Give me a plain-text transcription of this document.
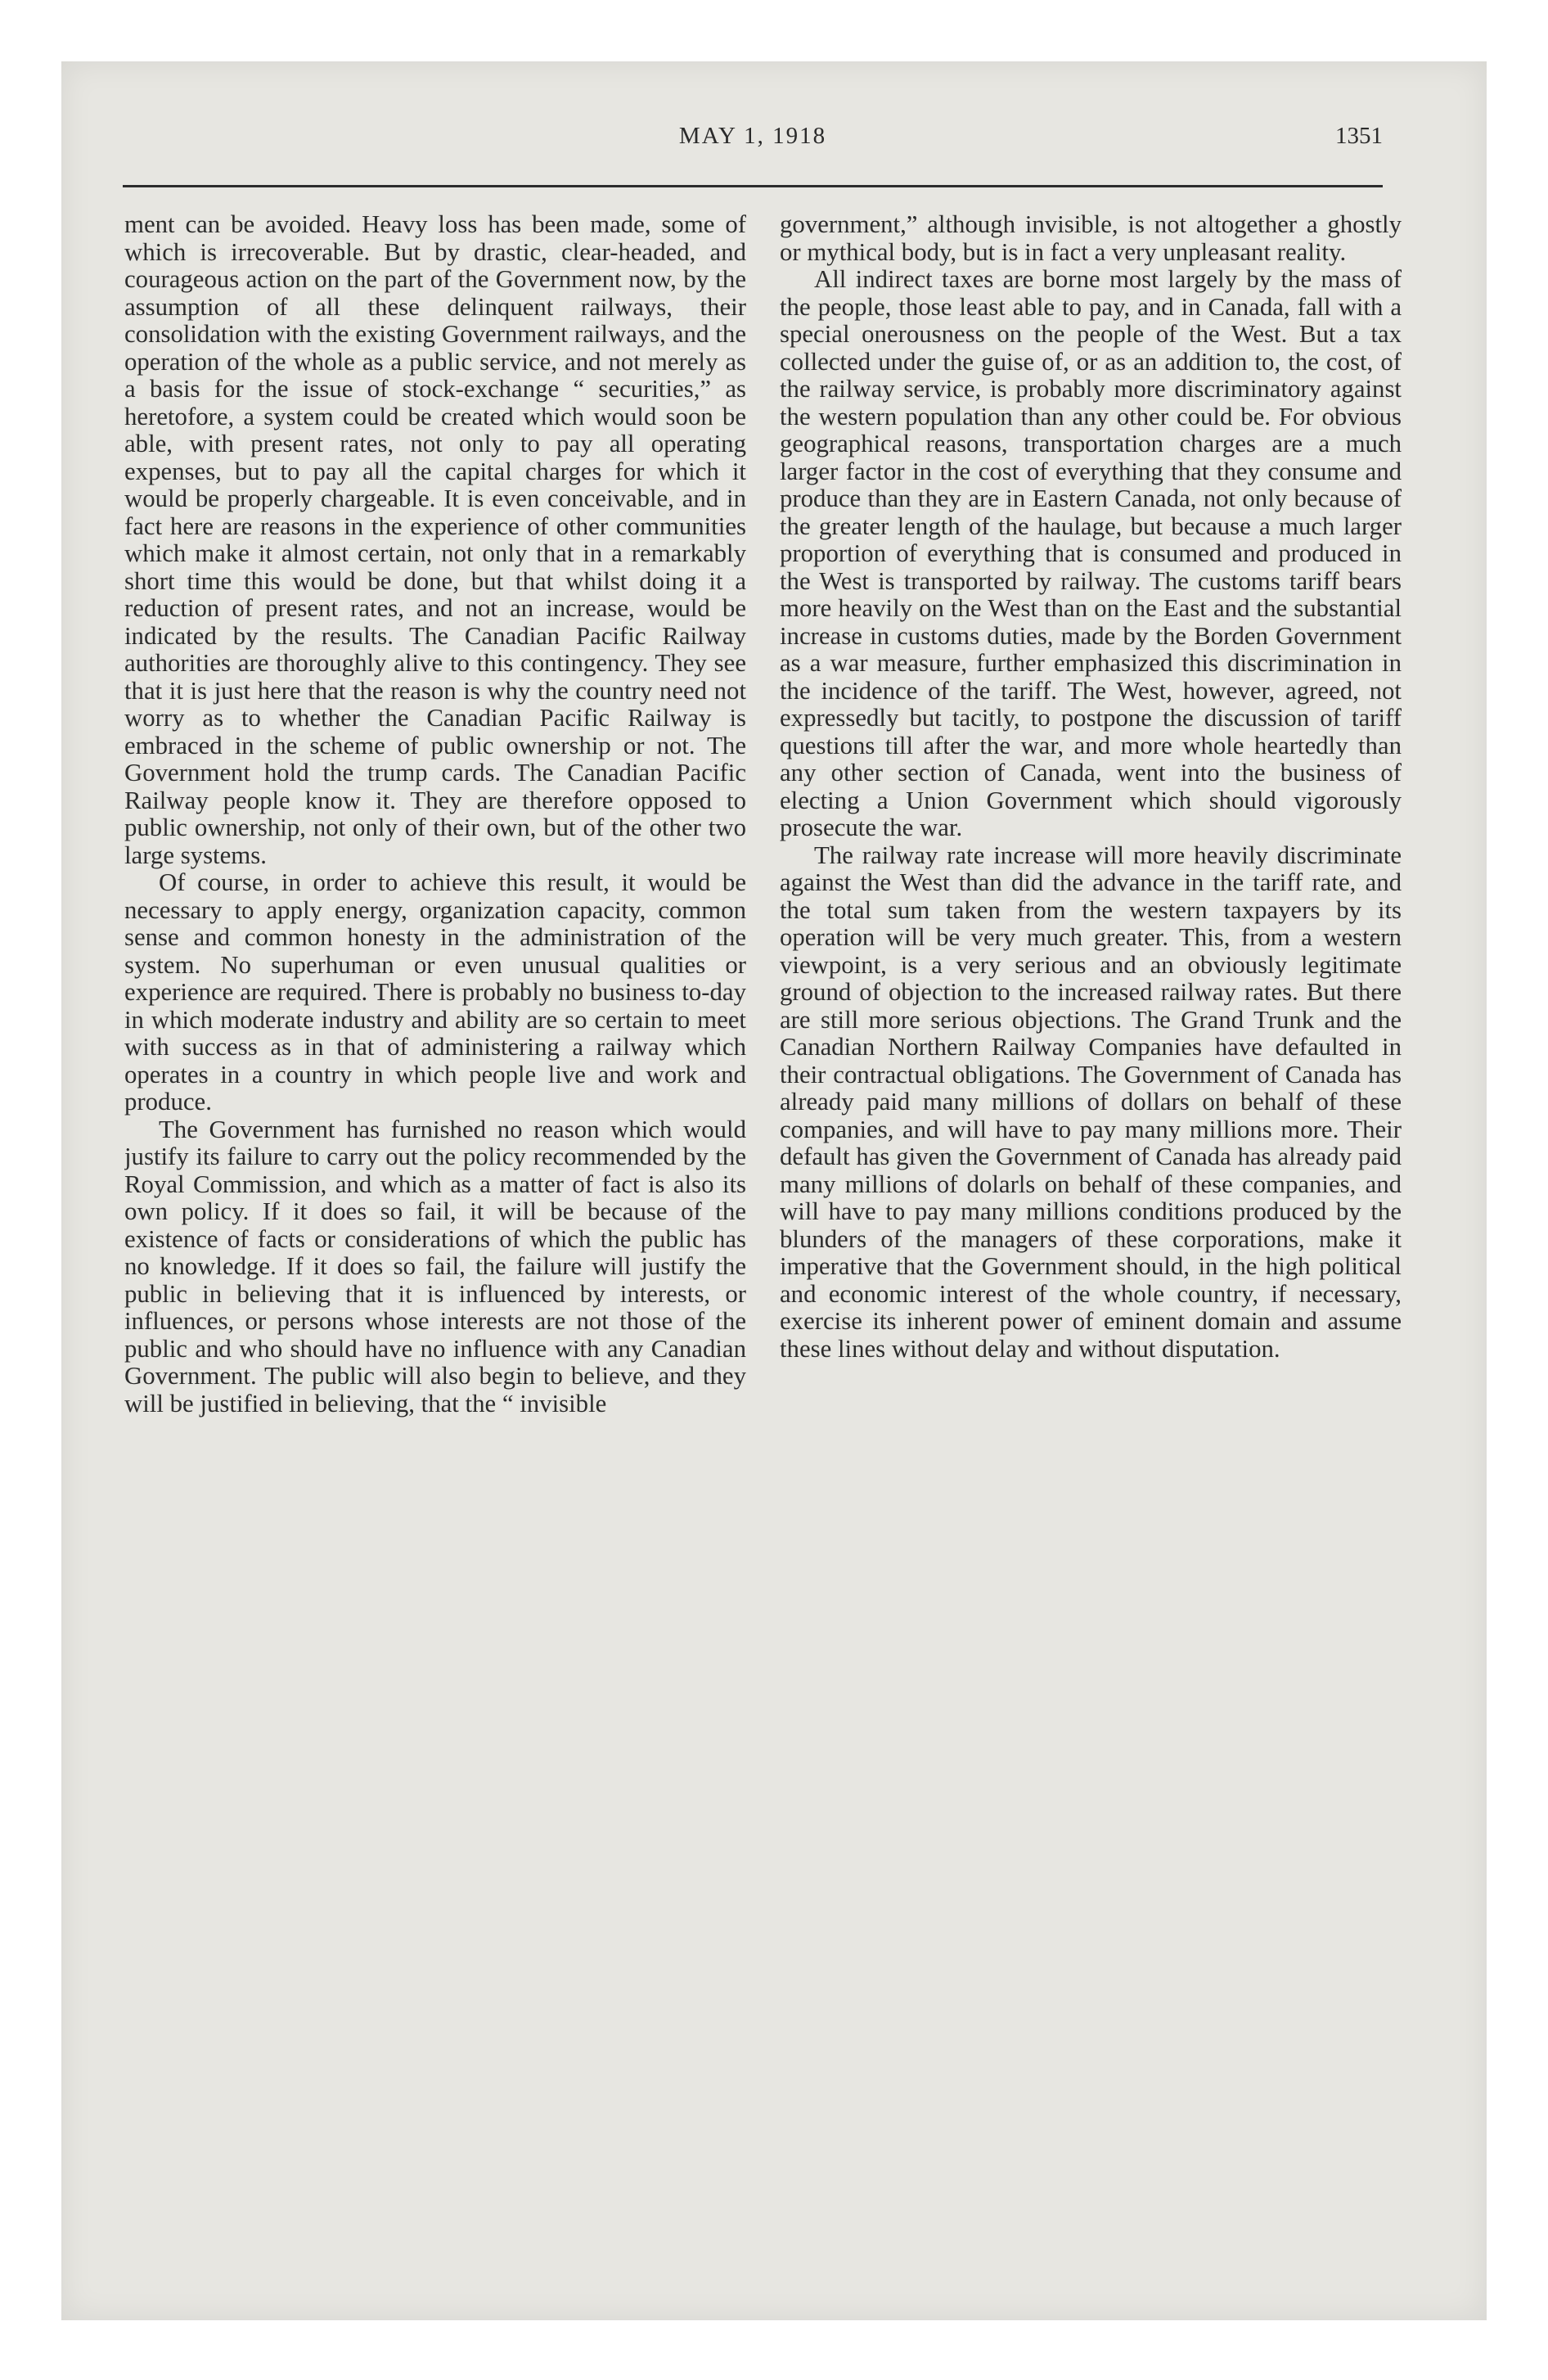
MAY 1, 1918	1351

ment can be avoided. Heavy loss has been made, some of which is irrecoverable. But by drastic, clear-headed, and courageous action on the part of the Government now, by the assumption of all these delinquent railways, their consolidation with the existing Government railways, and the operation of the whole as a public service, and not merely as a basis for the issue of stock-exchange “ securities,” as heretofore, a system could be created which would soon be able, with present rates, not only to pay all operating expenses, but to pay all the capital charges for which it would be properly chargeable. It is even conceivable, and in fact here are reasons in the experience of other communities which make it almost certain, not only that in a remarkably short time this would be done, but that whilst doing it a reduction of present rates, and not an increase, would be indicated by the results. The Canadian Pacific Railway authorities are thoroughly alive to this contingency. They see that it is just here that the reason is why the country need not worry as to whether the Canadian Pacific Railway is embraced in the scheme of public ownership or not. The Government hold the trump cards. The Canadian Pacific Railway people know it. They are therefore opposed to public ownership, not only of their own, but of the other two large systems.

Of course, in order to achieve this result, it would be necessary to apply energy, organization capacity, common sense and common honesty in the administration of the system. No superhuman or even unusual qualities or experience are required. There is probably no business to-day in which moderate industry and ability are so certain to meet with success as in that of administering a railway which operates in a country in which people live and work and produce.

The Government has furnished no reason which would justify its failure to carry out the policy recommended by the Royal Commission, and which as a matter of fact is also its own policy. If it does so fail, it will be because of the existence of facts or considerations of which the public has no knowledge. If it does so fail, the failure will justify the public in believing that it is influenced by interests, or influences, or persons whose interests are not those of the public and who should have no influence with any Canadian Government. The public will also begin to believe, and they will be justified in believing, that the “ invisible

government,” although invisible, is not altogether a ghostly or mythical body, but is in fact a very unpleasant reality.

All indirect taxes are borne most largely by the mass of the people, those least able to pay, and in Canada, fall with a special onerousness on the people of the West. But a tax collected under the guise of, or as an addition to, the cost, of the railway service, is probably more discriminatory against the western population than any other could be. For obvious geographical reasons, transportation charges are a much larger factor in the cost of everything that they consume and produce than they are in Eastern Canada, not only because of the greater length of the haulage, but because a much larger proportion of everything that is consumed and produced in the West is transported by railway. The customs tariff bears more heavily on the West than on the East and the substantial increase in customs duties, made by the Borden Government as a war measure, further emphasized this discrimination in the incidence of the tariff. The West, however, agreed, not expressedly but tacitly, to postpone the discussion of tariff questions till after the war, and more whole heartedly than any other section of Canada, went into the business of electing a Union Government which should vigorously prosecute the war.

The railway rate increase will more heavily discriminate against the West than did the advance in the tariff rate, and the total sum taken from the western taxpayers by its operation will be very much greater. This, from a western viewpoint, is a very serious and an obviously legitimate ground of objection to the increased railway rates. But there are still more serious objections. The Grand Trunk and the Canadian Northern Railway Companies have defaulted in their contractual obligations. The Government of Canada has already paid many millions of dollars on behalf of these companies, and will have to pay many millions more. Their default has given the Government of Canada has already paid many millions of dolarls on behalf of these companies, and will have to pay many millions conditions produced by the blunders of the managers of these corporations, make it imperative that the Government should, in the high political and economic interest of the whole country, if necessary, exercise its inherent power of eminent domain and assume these lines without delay and without disputation.
